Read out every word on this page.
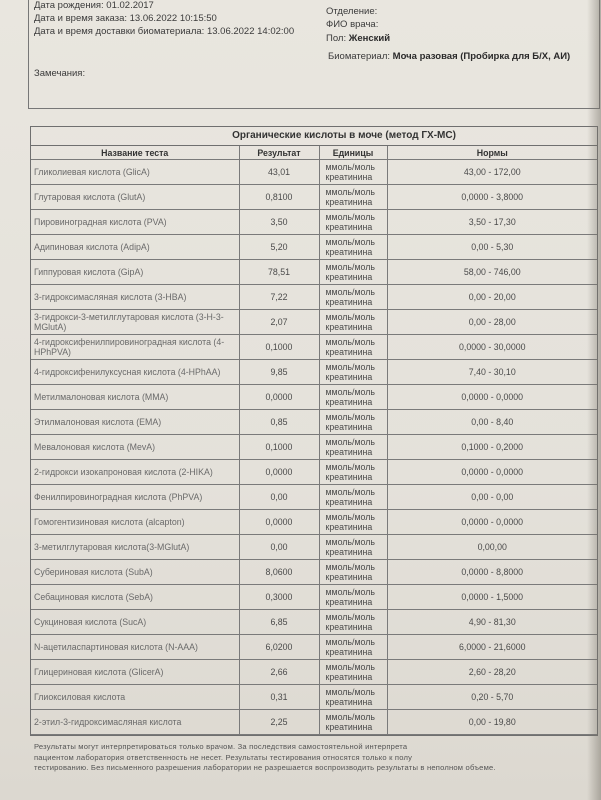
Дата рождения: 01.02.2017
Дата и время заказа: 13.06.2022 10:15:50
Дата и время доставки биоматериала: 13.06.2022 14:02:00
Отделение:
ФИО врача:
Пол: Женский
Биоматериал: Моча разовая (Пробирка для Б/Х, АИ)
Замечания:
Органические кислоты в моче (метод ГХ-МС)
Название теста	Результат	Единицы	Нормы
Гликолиевая кислота (GlicA)	43,01	ммоль/моль креатинина	43,00 - 172,00
Глутаровая кислота (GlutA)	0,8100	ммоль/моль креатинина	0,0000 - 3,8000
Пировиноградная кислота (PVA)	3,50	ммоль/моль креатинина	3,50 - 17,30
Адипиновая кислота (AdipA)	5,20	ммоль/моль креатинина	0,00 - 5,30
Гиппуровая кислота (GipA)	78,51	ммоль/моль креатинина	58,00 - 746,00
3-гидроксимасляная кислота (3-HBA)	7,22	ммоль/моль креатинина	0,00 - 20,00
3-гидрокси-3-метилглутаровая кислота (3-Н-3-MGlutA)	2,07	ммоль/моль креатинина	0,00 - 28,00
4-гидроксифенилпировиноградная кислота (4-HPhPVA)	0,1000	ммоль/моль креатинина	0,0000 - 30,0000
4-гидроксифенилуксусная кислота (4-HPhAA)	9,85	ммоль/моль креатинина	7,40 - 30,10
Метилмалоновая кислота (MMA)	0,0000	ммоль/моль креатинина	0,0000 - 0,0000
Этилмалоновая кислота (EMA)	0,85	ммоль/моль креатинина	0,00 - 8,40
Мевалоновая кислота (MevA)	0,1000	ммоль/моль креатинина	0,1000 - 0,2000
2-гидрокси изокапроновая кислота (2-HIKA)	0,0000	ммоль/моль креатинина	0,0000 - 0,0000
Фенилпировиноградная кислота (PhPVA)	0,00	ммоль/моль креатинина	0,00 - 0,00
Гомогентизиновая кислота (alcapton)	0,0000	ммоль/моль креатинина	0,0000 - 0,0000
3-метилглутаровая кислота(3-MGlutA)	0,00	ммоль/моль креатинина	0,00,00
Субериновая кислота (SubA)	8,0600	ммоль/моль креатинина	0,0000 - 8,8000
Себациновая кислота (SebA)	0,3000	ммоль/моль креатинина	0,0000 - 1,5000
Сукциновая кислота (SucA)	6,85	ммоль/моль креатинина	4,90 - 81,30
N-ацетиласпартиновая кислота (N-AAA)	6,0200	ммоль/моль креатинина	6,0000 - 21,6000
Глицериновая кислота (GlicerA)	2,66	ммоль/моль креатинина	2,60 - 28,20
Глиоксиловая кислота	0,31	ммоль/моль креатинина	0,20 - 5,70
2-этил-3-гидроксимасляная кислота	2,25	ммоль/моль креатинина	0,00 - 19,80
Результаты могут интерпретироваться только врачом. За последствия самостоятельной интерпрета
пациентом лаборатория ответственность не несет. Результаты тестирования относятся только к полу
тестированию. Без письменного разрешения лаборатории не разрешается воспроизводить результаты в неполном объеме.
